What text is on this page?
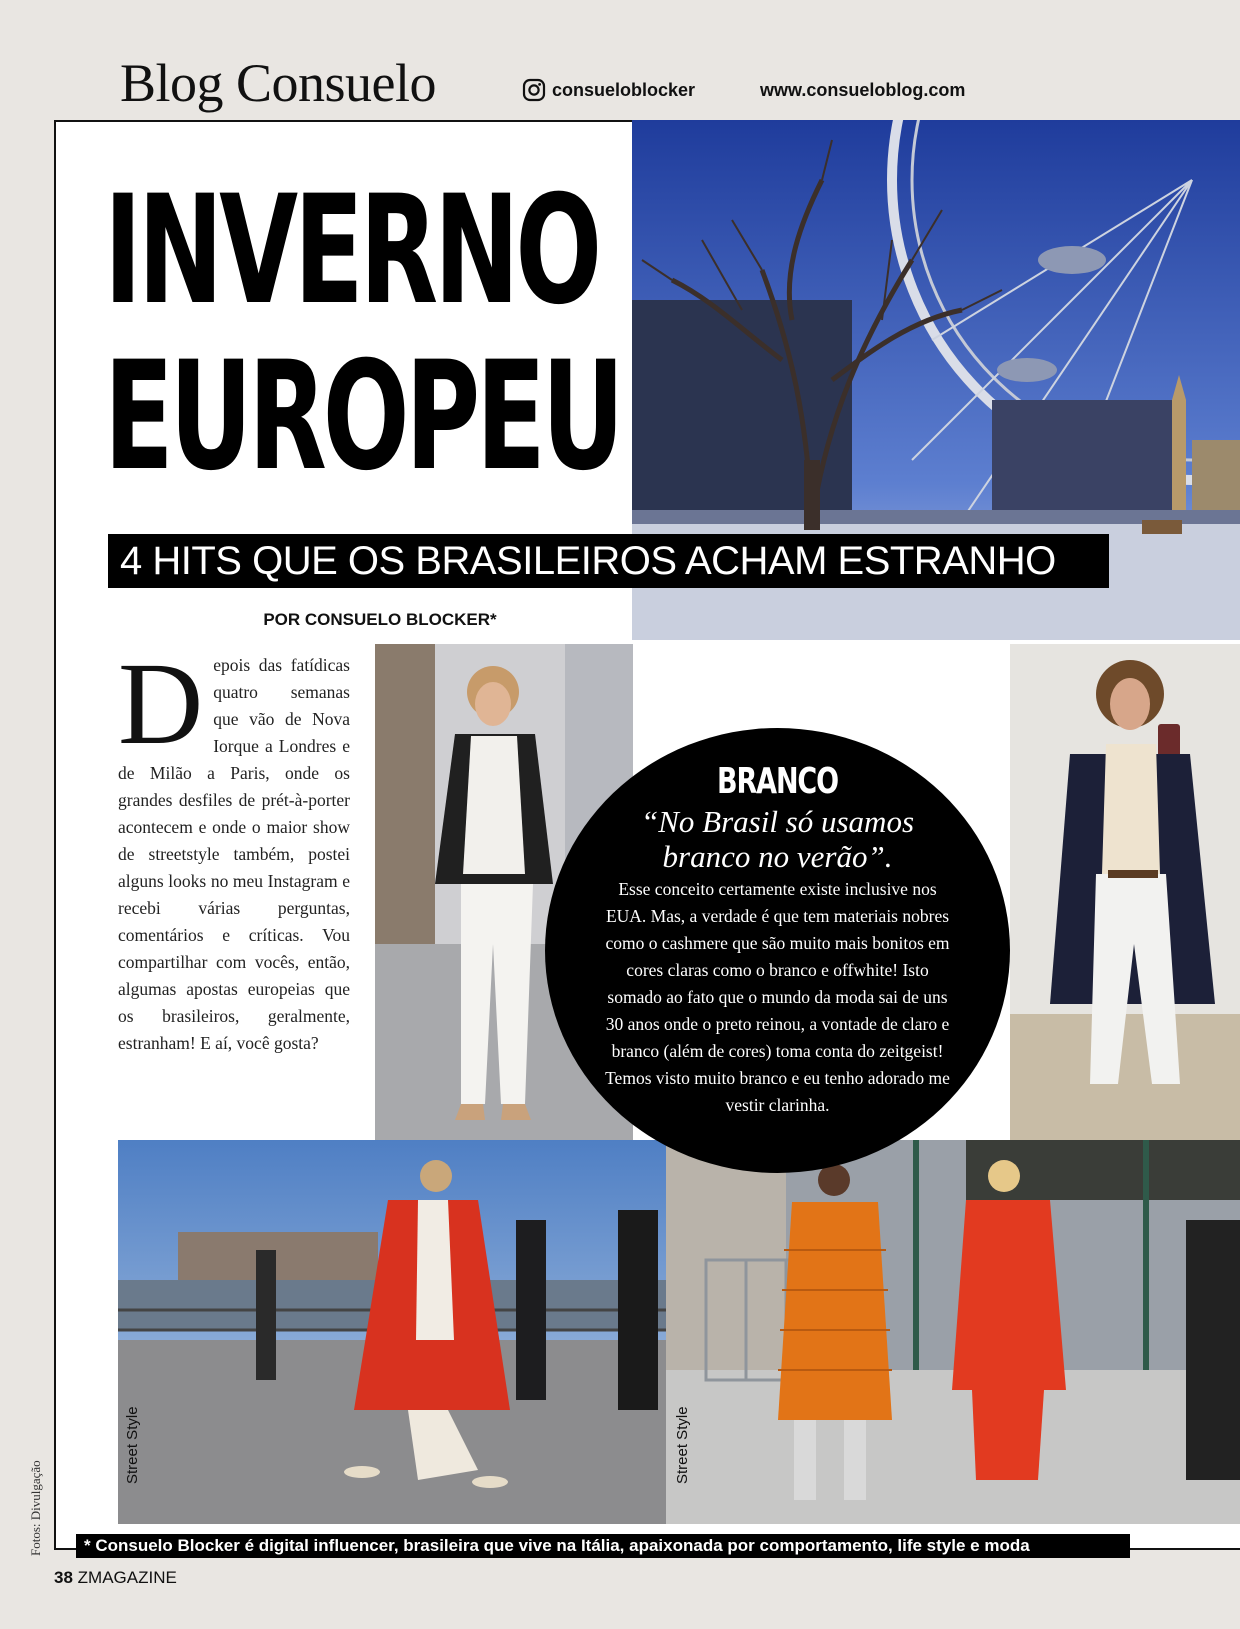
Blog Consuelo	consueloblocker	www.consueloblog.com
INVERNO
EUROPEU
4 HITS QUE OS BRASILEIROS ACHAM ESTRANHO
POR CONSUELO BLOCKER*
Depois das fatídicas quatro semanas que vão de Nova Iorque a Londres e de Milão a Paris, onde os grandes desfiles de prét-à-porter acontecem e onde o maior show de streetstyle também, postei alguns looks no meu Instagram e recebi várias perguntas, comentários e críticas. Vou compartilhar com vocês, então, algumas apostas europeias que os brasileiros, geralmente, estranham! E aí, você gosta?
BRANCO
“No Brasil só usamos branco no verão”.
Esse conceito certamente existe inclusive nos EUA. Mas, a verdade é que tem materiais nobres como o cashmere que são muito mais bonitos em cores claras como o branco e offwhite! Isto somado ao fato que o mundo da moda sai de uns 30 anos onde o preto reinou, a vontade de claro e branco (além de cores) toma conta do zeitgeist! Temos visto muito branco e eu tenho adorado me vestir clarinha.
Street Style	Street Style
Fotos: Divulgação	* Consuelo Blocker é digital influencer, brasileira que vive na Itália, apaixonada por comportamento, life style e moda
38 ZMAGAZINE
